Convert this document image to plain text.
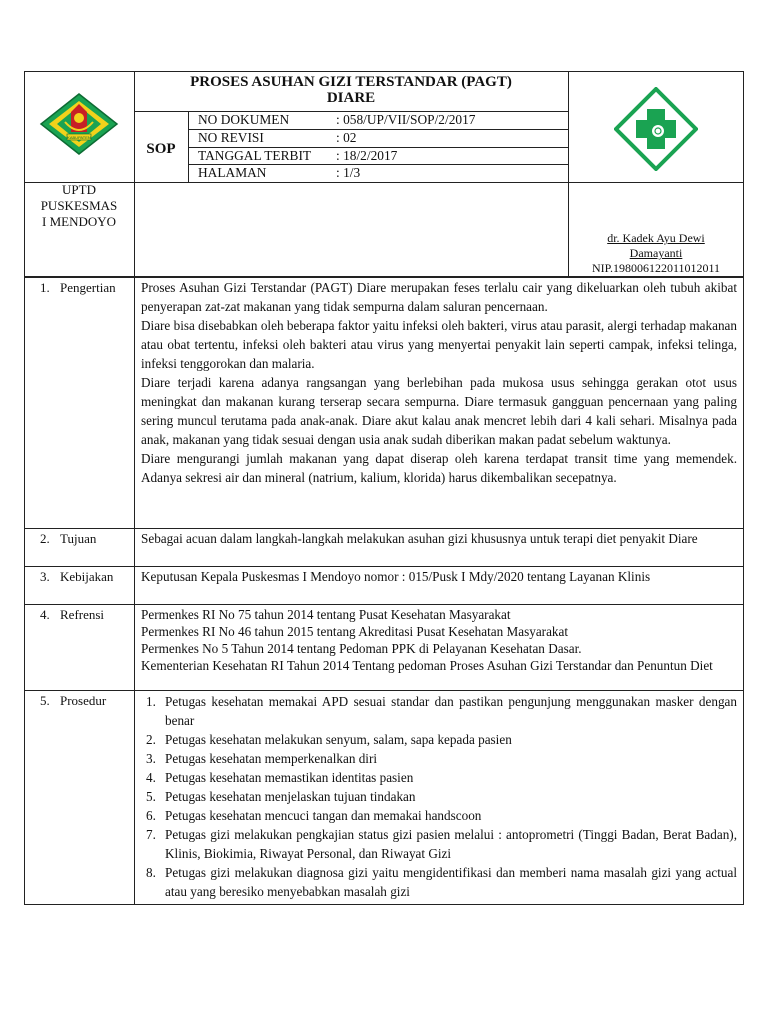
KABUPATEN
PROSES ASUHAN GIZI TERSTANDAR (PAGT)
DIARE
SOP
NO DOKUMEN	: 058/UP/VII/SOP/2/2017
NO REVISI	: 02
TANGGAL TERBIT : 18/2/2017
HALAMAN	: 1/3
UPTD
PUSKESMAS
I MENDOYO
dr. Kadek Ayu Dewi
Damayanti
NIP.198006122011012011
1. Pengertian	Proses Asuhan Gizi Terstandar (PAGT) Diare merupakan feses terlalu cair yang dikeluarkan oleh tubuh akibat penyerapan zat-zat makanan yang tidak sempurna dalam saluran pencernaan.

Diare bisa disebabkan oleh beberapa faktor yaitu infeksi oleh bakteri, virus atau parasit, alergi terhadap makanan atau obat tertentu, infeksi oleh bakteri atau virus yang menyertai penyakit lain seperti campak, infeksi telinga, infeksi tenggorokan dan malaria.

Diare terjadi karena adanya rangsangan yang berlebihan pada mukosa usus sehingga gerakan otot usus meningkat dan makanan kurang terserap secara sempurna. Diare termasuk gangguan pencernaan yang paling sering muncul terutama pada anak-anak. Diare akut kalau anak mencret lebih dari 4 kali sehari. Misalnya pada anak, makanan yang tidak sesuai dengan usia anak sudah diberikan makan padat sebelum waktunya.

Diare mengurangi jumlah makanan yang dapat diserap oleh karena terdapat transit time yang memendek. Adanya sekresi air dan mineral (natrium, kalium, klorida) harus dikembalikan secepatnya.

2. Tujuan	Sebagai acuan dalam langkah-langkah melakukan asuhan gizi khususnya untuk terapi diet penyakit Diare

3. Kebijakan	Keputusan Kepala Puskesmas I Mendoyo nomor : 015/Pusk I Mdy/2020 tentang Layanan Klinis

4. Refrensi	Permenkes RI No 75 tahun 2014 tentang Pusat Kesehatan Masyarakat

Permenkes RI No 46 tahun 2015 tentang Akreditasi Pusat Kesehatan Masyarakat

Permenkes No 5 Tahun 2014 tentang Pedoman PPK di Pelayanan Kesehatan Dasar.

Kementerian Kesehatan RI Tahun 2014 Tentang pedoman Proses Asuhan Gizi Terstandar dan Penuntun Diet

5. Prosedur	1. Petugas kesehatan memakai APD sesuai standar dan pastikan pengunjung menggunakan masker dengan benar
2. Petugas kesehatan melakukan senyum, salam, sapa kepada pasien
3. Petugas kesehatan memperkenalkan diri
4. Petugas kesehatan memastikan identitas pasien
5. Petugas kesehatan menjelaskan tujuan tindakan
6. Petugas kesehatan mencuci tangan dan memakai handscoon
7. Petugas gizi melakukan pengkajian status gizi pasien melalui : antoprometri (Tinggi Badan, Berat Badan), Klinis, Biokimia, Riwayat Personal, dan Riwayat Gizi
8. Petugas gizi melakukan diagnosa gizi yaitu mengidentifikasi dan memberi nama masalah gizi yang actual atau yang beresiko menyebabkan masalah gizi
